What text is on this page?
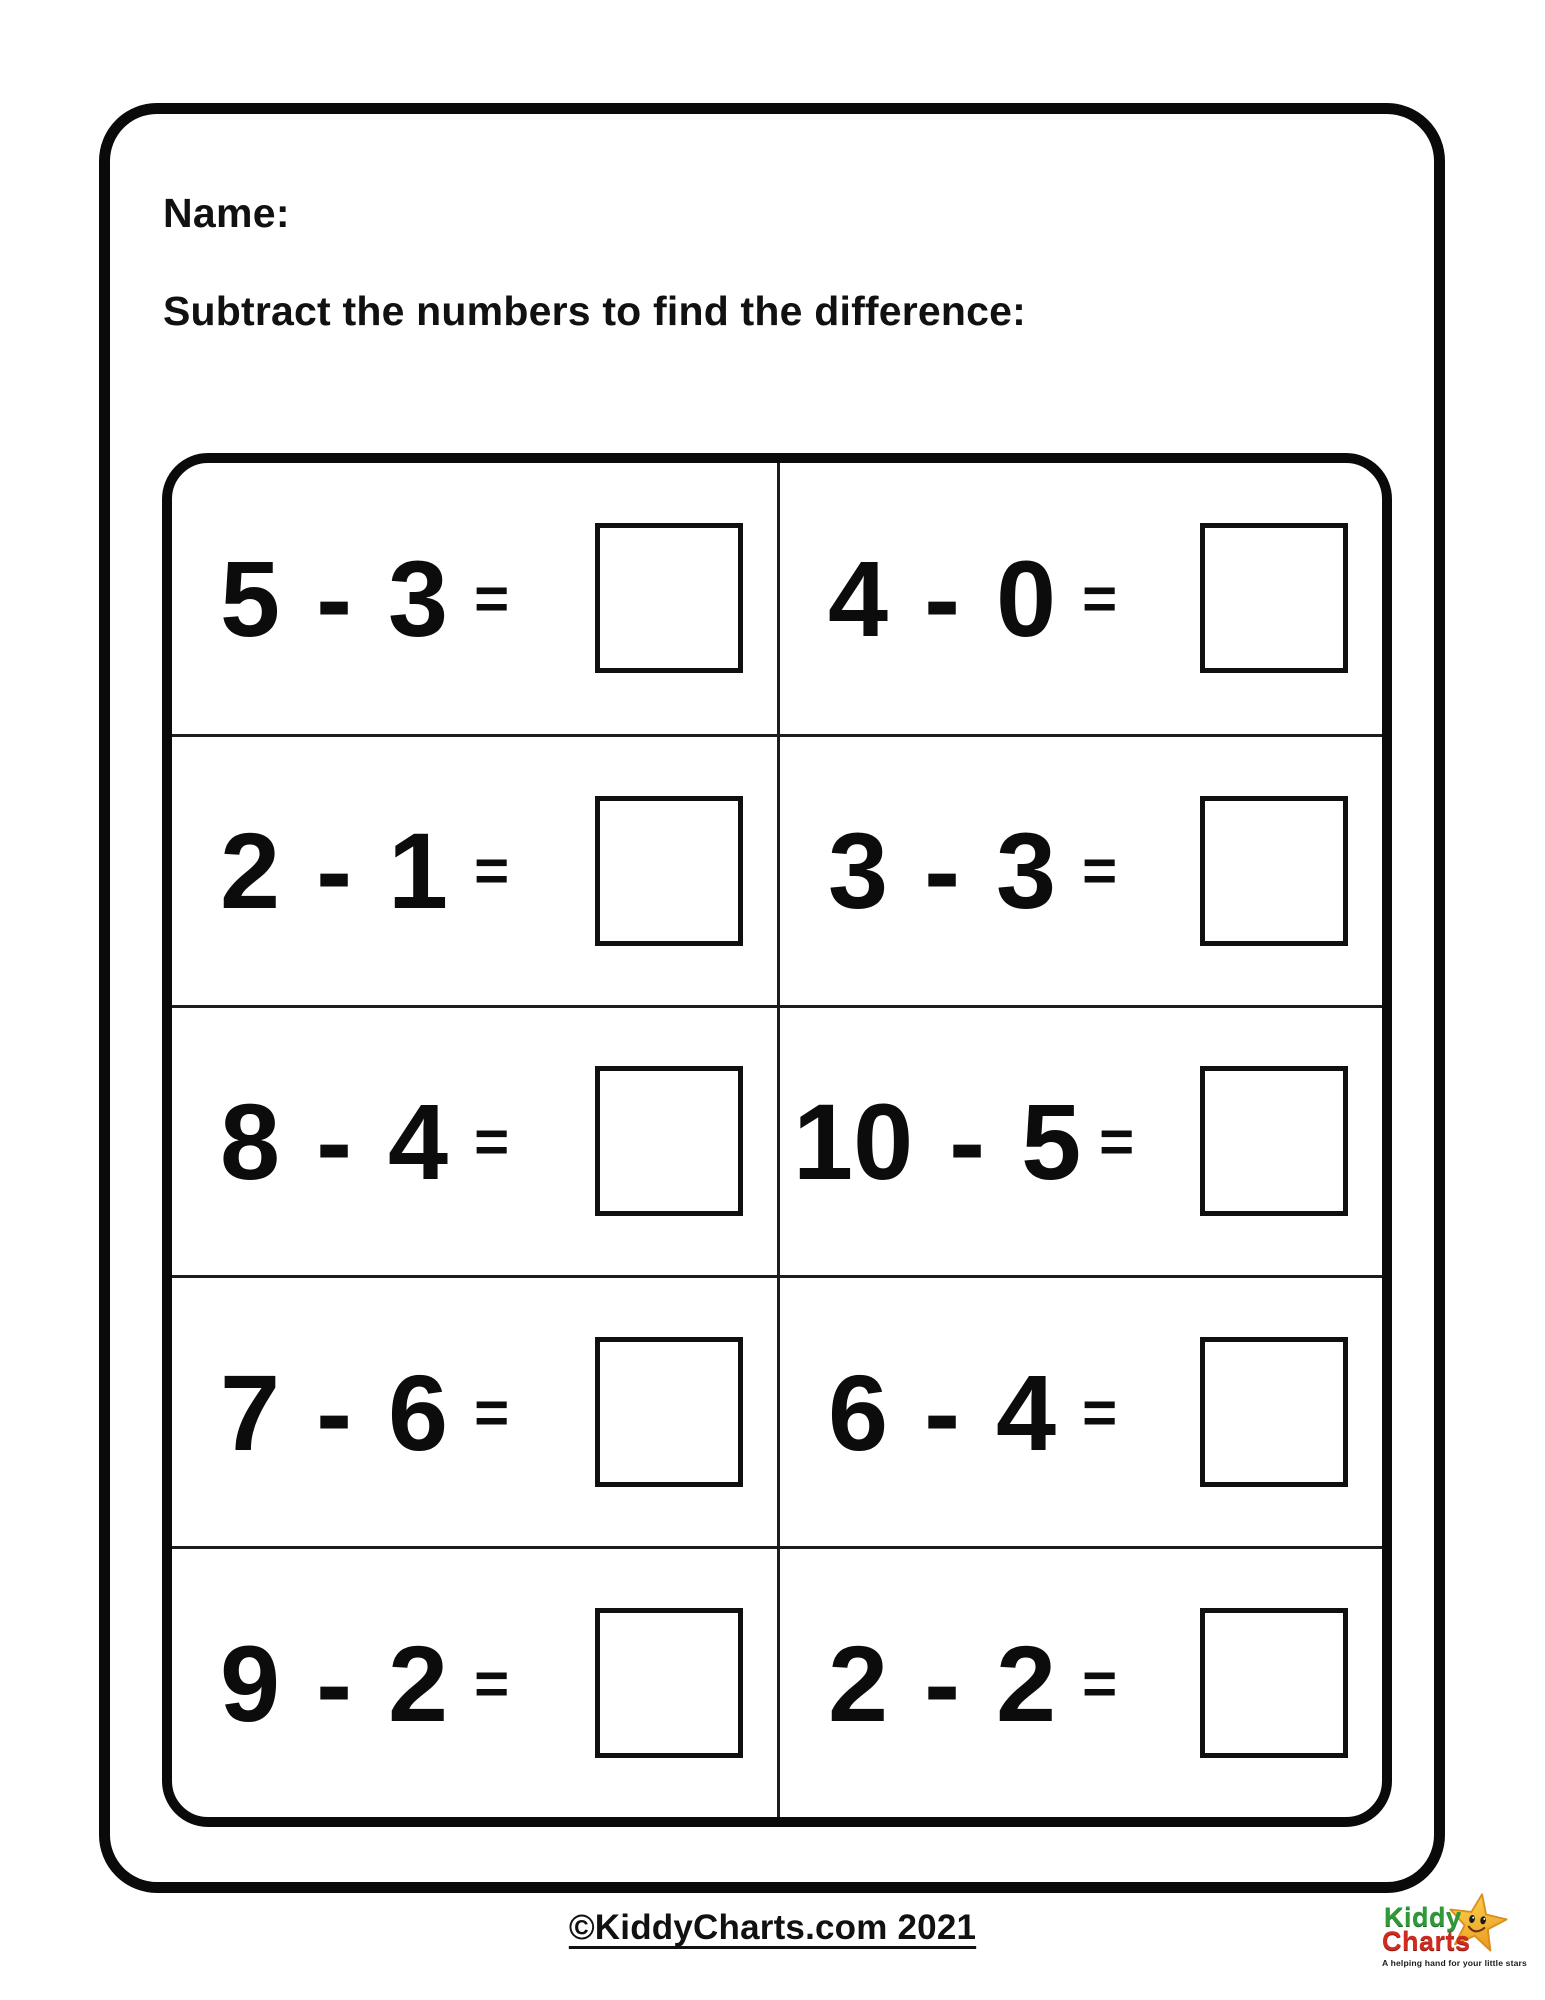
Name:
Subtract the numbers to find the difference:
5 - 3 =	4 - 0 =
2 - 1 =	3 - 3 =
8 - 4 =	10 - 5 =
7 - 6 =	6 - 4 =
9 - 2 =	2 - 2 =
©KiddyCharts.com 2021	Kiddy
Charts
A helping hand for your little stars
